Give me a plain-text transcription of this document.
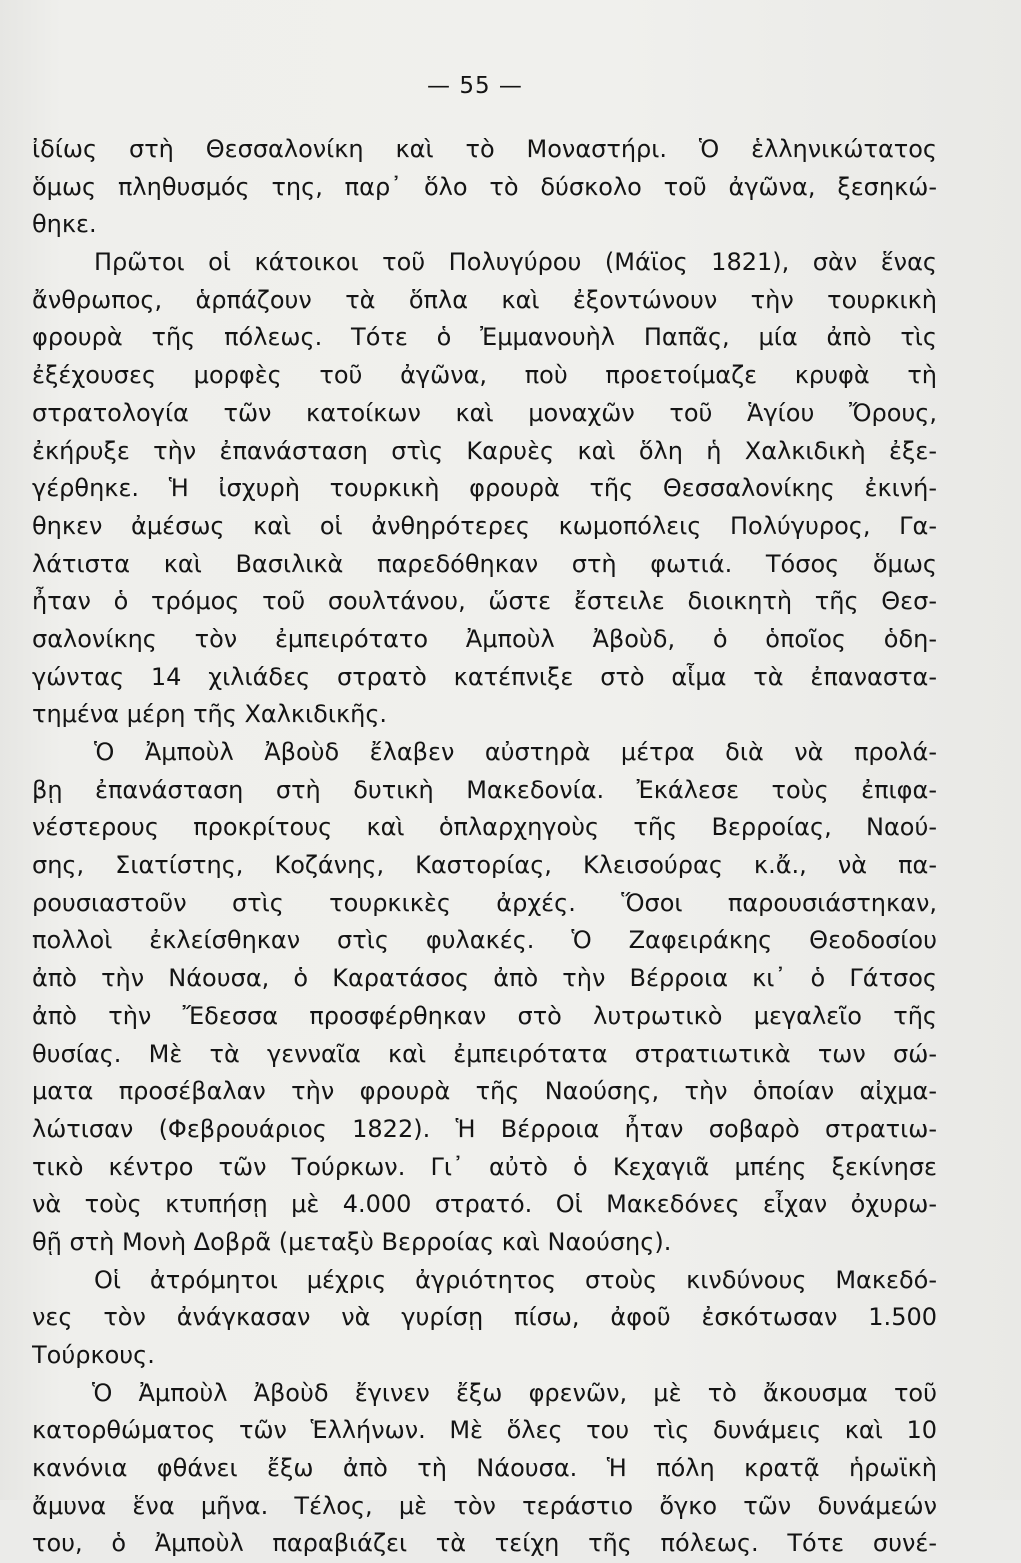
— 55 —
ἰδίως στὴ Θεσσαλονίκη καὶ τὸ Μοναστήρι. Ὁ ἑλληνικώτατος
ὅμως πληθυσμός της, παρ᾽ ὅλο τὸ δύσκολο τοῦ ἀγῶνα, ξεσηκώ-
θηκε.
Πρῶτοι οἱ κάτοικοι τοῦ Πολυγύρου (Μάϊος 1821), σὰν ἕνας
ἄνθρωπος, ἁρπάζουν τὰ ὅπλα καὶ ἐξοντώνουν τὴν τουρκικὴ
φρουρὰ τῆς πόλεως. Τότε ὁ Ἐμμανουὴλ Παπᾶς, μία ἀπὸ τὶς
ἐξέχουσες μορφὲς τοῦ ἀγῶνα, ποὺ προετοίμαζε κρυφὰ τὴ
στρατολογία τῶν κατοίκων καὶ μοναχῶν τοῦ Ἁγίου Ὄρους,
ἐκήρυξε τὴν ἐπανάσταση στὶς Καρυὲς καὶ ὅλη ἡ Χαλκιδικὴ ἐξε-
γέρθηκε. Ἡ ἰσχυρὴ τουρκικὴ φρουρὰ τῆς Θεσσαλονίκης ἐκινή-
θηκεν ἀμέσως καὶ οἱ ἀνθηρότερες κωμοπόλεις Πολύγυρος, Γα-
λάτιστα καὶ Βασιλικὰ παρεδόθηκαν στὴ φωτιά. Τόσος ὅμως
ἦταν ὁ τρόμος τοῦ σουλτάνου, ὥστε ἔστειλε διοικητὴ τῆς Θεσ-
σαλονίκης τὸν ἐμπειρότατο Ἀμποὺλ Ἀβοὺδ, ὁ ὁποῖος ὁδη-
γώντας 14 χιλιάδες στρατὸ κατέπνιξε στὸ αἷμα τὰ ἐπαναστα-
τημένα μέρη τῆς Χαλκιδικῆς.
Ὁ Ἀμποὺλ Ἀβοὺδ ἔλαβεν αὐστηρὰ μέτρα διὰ νὰ προλά-
βῃ ἐπανάσταση στὴ δυτικὴ Μακεδονία. Ἐκάλεσε τοὺς ἐπιφα-
νέστερους προκρίτους καὶ ὁπλαρχηγοὺς τῆς Βερροίας, Ναού-
σης, Σιατίστης, Κοζάνης, Καστορίας, Κλεισούρας κ.ἄ., νὰ πα-
ρουσιαστοῦν στὶς τουρκικὲς ἀρχές. Ὅσοι παρουσιάστηκαν,
πολλοὶ ἐκλείσθηκαν στὶς φυλακές. Ὁ Ζαφειράκης Θεοδοσίου
ἀπὸ τὴν Νάουσα, ὁ Καρατάσος ἀπὸ τὴν Βέρροια κι᾽ ὁ Γάτσος
ἀπὸ τὴν Ἔδεσσα προσφέρθηκαν στὸ λυτρωτικὸ μεγαλεῖο τῆς
θυσίας. Μὲ τὰ γενναῖα καὶ ἐμπειρότατα στρατιωτικὰ των σώ-
ματα προσέβαλαν τὴν φρουρὰ τῆς Ναούσης, τὴν ὁποίαν αἰχμα-
λώτισαν (Φεβρουάριος 1822). Ἡ Βέρροια ἦταν σοβαρὸ στρατιω-
τικὸ κέντρο τῶν Τούρκων. Γι᾽ αὐτὸ ὁ Κεχαγιᾶ μπέης ξεκίνησε
νὰ τοὺς κτυπήσῃ μὲ 4.000 στρατό. Οἱ Μακεδόνες εἶχαν ὀχυρω-
θῇ στὴ Μονὴ Δοβρᾶ (μεταξὺ Βερροίας καὶ Ναούσης).
Οἱ ἀτρόμητοι μέχρις ἀγριότητος στοὺς κινδύνους Μακεδό-
νες τὸν ἀνάγκασαν νὰ γυρίσῃ πίσω, ἀφοῦ ἐσκότωσαν 1.500
Τούρκους.
Ὁ Ἀμποὺλ Ἀβοὺδ ἔγινεν ἔξω φρενῶν, μὲ τὸ ἄκουσμα τοῦ
κατορθώματος τῶν Ἑλλήνων. Μὲ ὅλες του τὶς δυνάμεις καὶ 10
κανόνια φθάνει ἔξω ἀπὸ τὴ Νάουσα. Ἡ πόλη κρατᾷ ἡρωϊκὴ
ἄμυνα ἕνα μῆνα. Τέλος, μὲ τὸν τεράστιο ὄγκο τῶν δυνάμεών
του, ὁ Ἀμποὺλ παραβιάζει τὰ τείχη τῆς πόλεως. Τότε συνέ-
